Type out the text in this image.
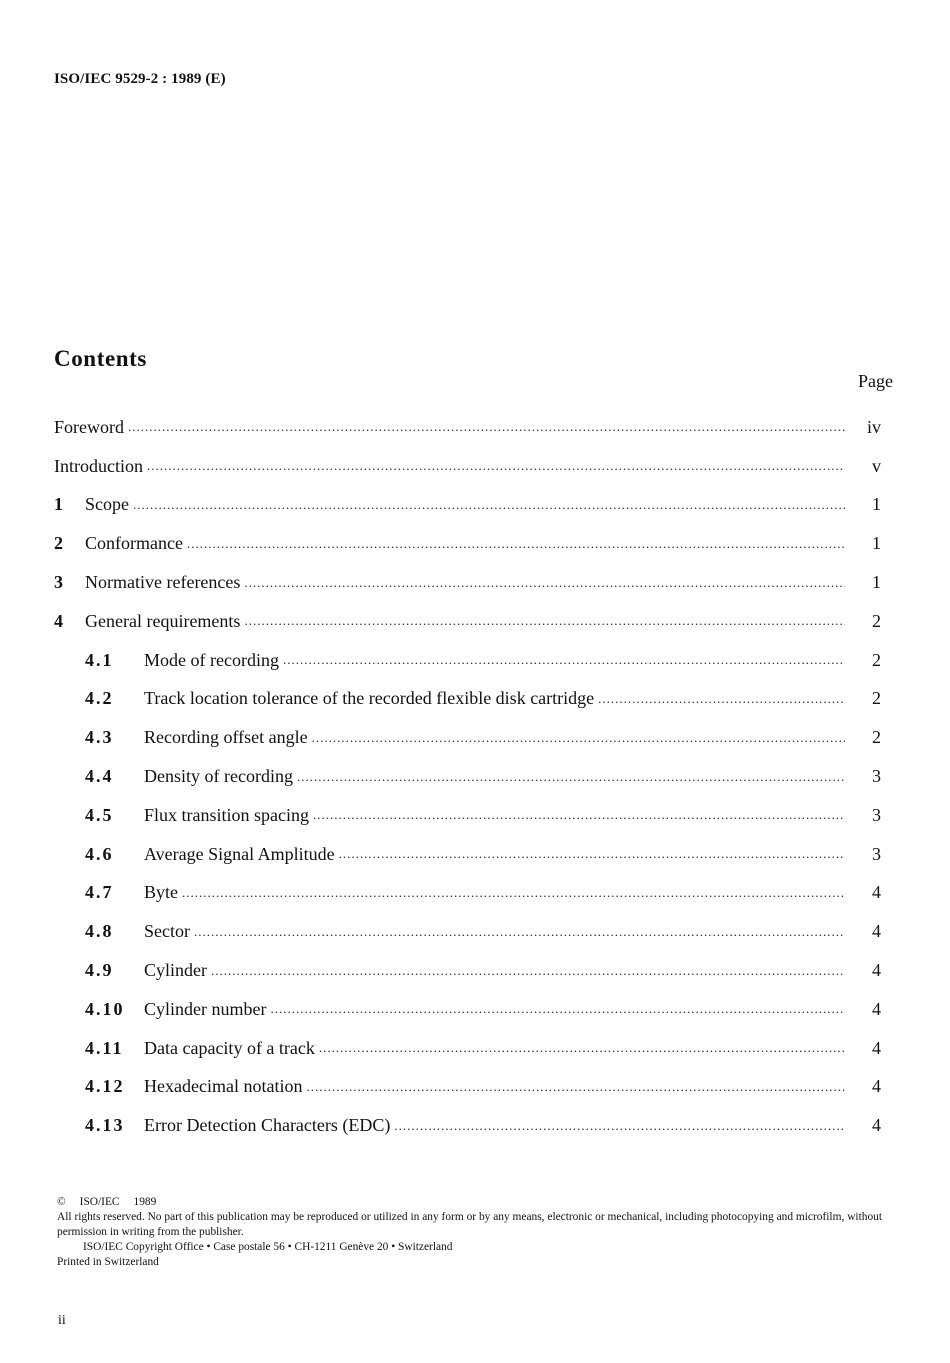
ISO/IEC 9529-2 : 1989 (E)
Contents
Page
Foreword .....	iv
Introduction .....	v
1	Scope .....	1
2	Conformance .....	1
3	Normative references .....	1
4	General requirements .....	2
4.1	Mode of recording .....	2
4.2	Track location tolerance of the recorded flexible disk cartridge .....	2
4.3	Recording offset angle .....	2
4.4	Density of recording .....	3
4.5	Flux transition spacing .....	3
4.6	Average Signal Amplitude .....	3
4.7	Byte .....	4
4.8	Sector .....	4
4.9	Cylinder .....	4
4.10	Cylinder number .....	4
4.11	Data capacity of a track .....	4
4.12	Hexadecimal notation .....	4
4.13	Error Detection Characters (EDC) .....	4
© ISO/IEC 1989
All rights reserved. No part of this publication may be reproduced or utilized in any form or by any means, electronic or mechanical, including photocopying and microfilm, without permission in writing from the publisher.
ISO/IEC Copyright Office • Case postale 56 • CH-1211 Genève 20 • Switzerland
Printed in Switzerland
ii
